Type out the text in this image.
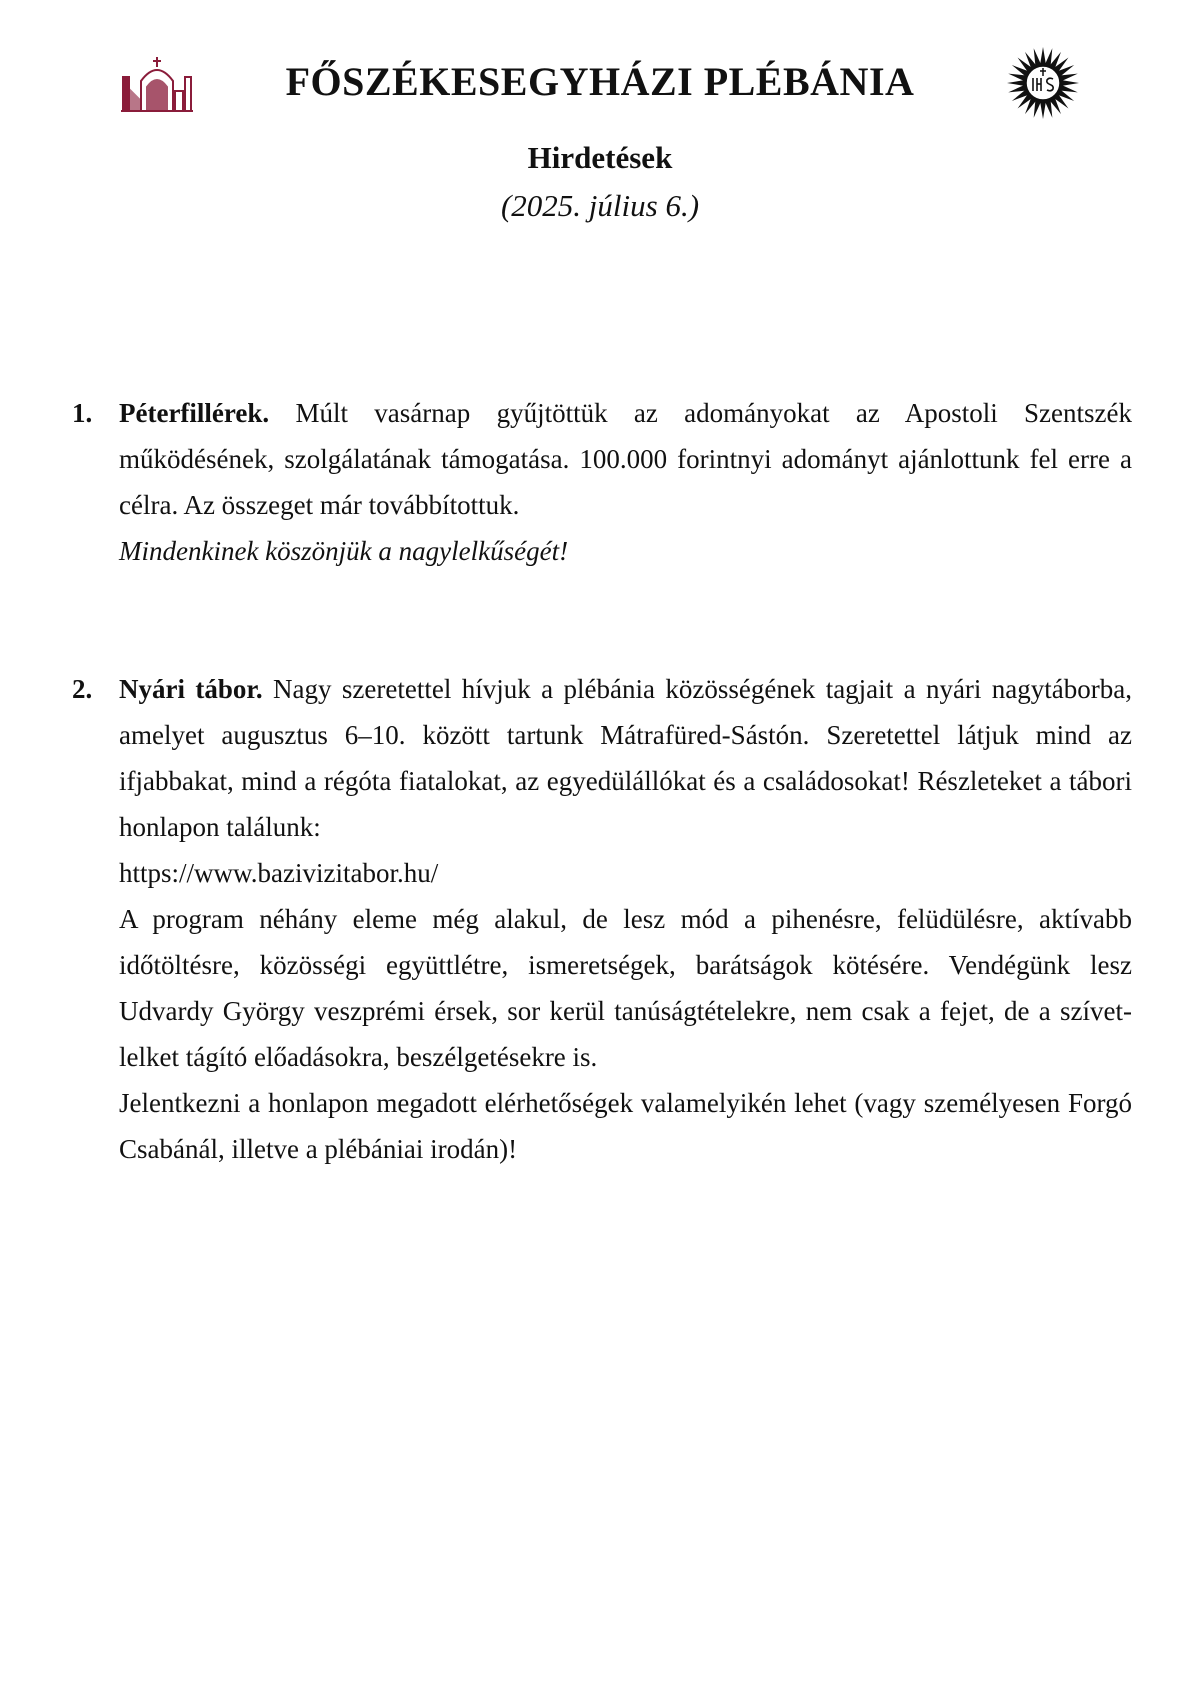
FŐSZÉKESEGYHÁZI PLÉBÁNIA
Hirdetések
(2025. július 6.)
1. Péterfillérek. Múlt vasárnap gyűjtöttük az adományokat az Apostoli Szentszék működésének, szolgálatának támogatása. 100.000 forintnyi adományt ajánlottunk fel erre a célra. Az összeget már továbbítottuk.

Mindenkinek köszönjük a nagylelkűségét!

2. Nyári tábor. Nagy szeretettel hívjuk a plébánia közösségének tagjait a nyári nagytáborba, amelyet augusztus 6–10. között tartunk Mátrafüred-Sástón. Szeretettel látjuk mind az ifjabbakat, mind a régóta fiatalokat, az egyedülállókat és a családosokat! Részleteket a tábori honlapon találunk:

https://www.bazivizitabor.hu/

A program néhány eleme még alakul, de lesz mód a pihenésre, felüdülésre, aktívabb időtöltésre, közösségi együttlétre, ismeretségek, barátságok kötésére. Vendégünk lesz Udvardy György veszprémi érsek, sor kerül tanúságtételekre, nem csak a fejet, de a szívet-lelket tágító előadásokra, beszélgetésekre is.

Jelentkezni a honlapon megadott elérhetőségek valamelyikén lehet (vagy személyesen Forgó Csabánál, illetve a plébániai irodán)!
